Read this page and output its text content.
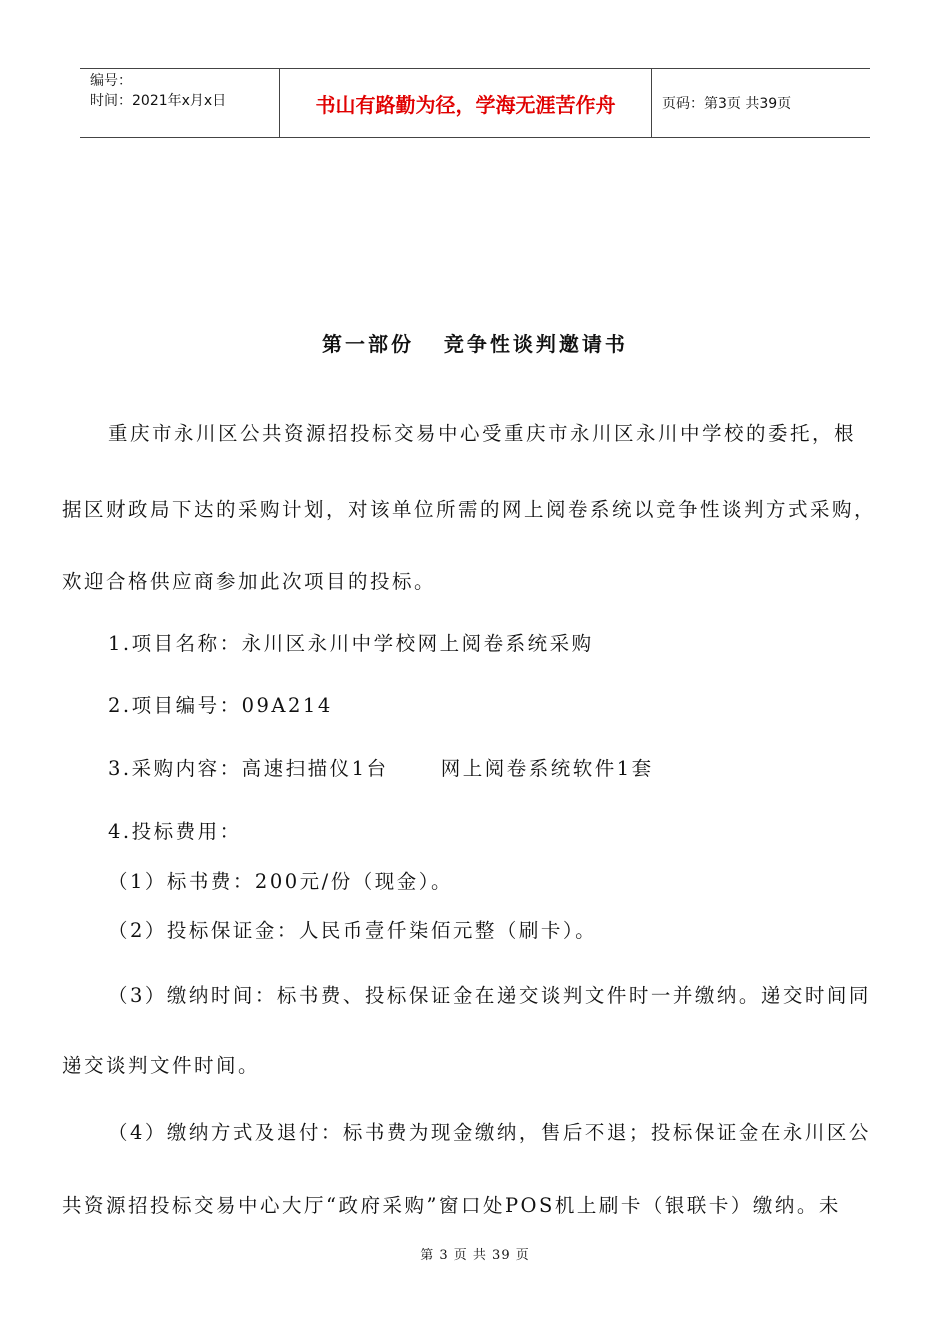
编号：
时间：2021年x月x日	书山有路勤为径，学海无涯苦作舟	页码：第3页 共39页
第一部份   竞争性谈判邀请书
重庆市永川区公共资源招投标交易中心受重庆市永川区永川中学校的委托，根
据区财政局下达的采购计划，对该单位所需的网上阅卷系统以竞争性谈判方式采购，
欢迎合格供应商参加此次项目的投标。
1.项目名称：永川区永川中学校网上阅卷系统采购
2.项目编号：09A214
3.采购内容：高速扫描仪1台      网上阅卷系统软件1套
4.投标费用：
（1）标书费：200元/份（现金）。
（2）投标保证金：人民币壹仟柒佰元整（刷卡）。
（3）缴纳时间：标书费、投标保证金在递交谈判文件时一并缴纳。递交时间同
递交谈判文件时间。
（4）缴纳方式及退付：标书费为现金缴纳，售后不退；投标保证金在永川区公
共资源招投标交易中心大厅“政府采购”窗口处POS机上刷卡（银联卡）缴纳。未
第 3 页 共 39 页
